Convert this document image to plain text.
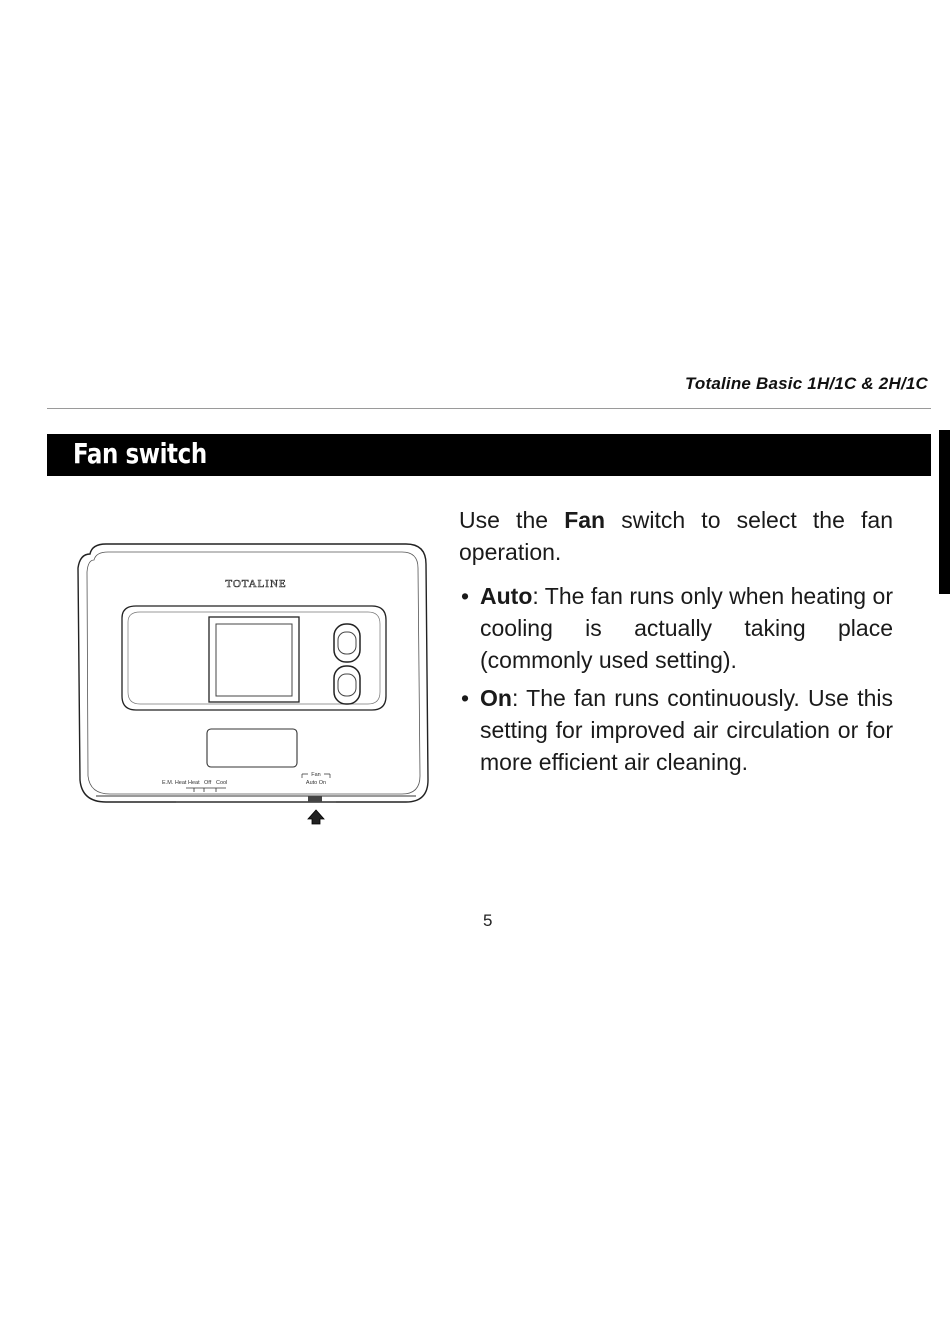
Totaline Basic 1H/1C & 2H/1C
Fan switch
TOTALINE
E.M. Heat Heat Off Cool
Fan
Auto On

Use the Fan switch to select the fan operation.

• Auto: The fan runs only when heating or cooling is actually taking place (commonly used setting).
• On: The fan runs continuously. Use this setting for improved air circulation or for more efficient air cleaning.
5
